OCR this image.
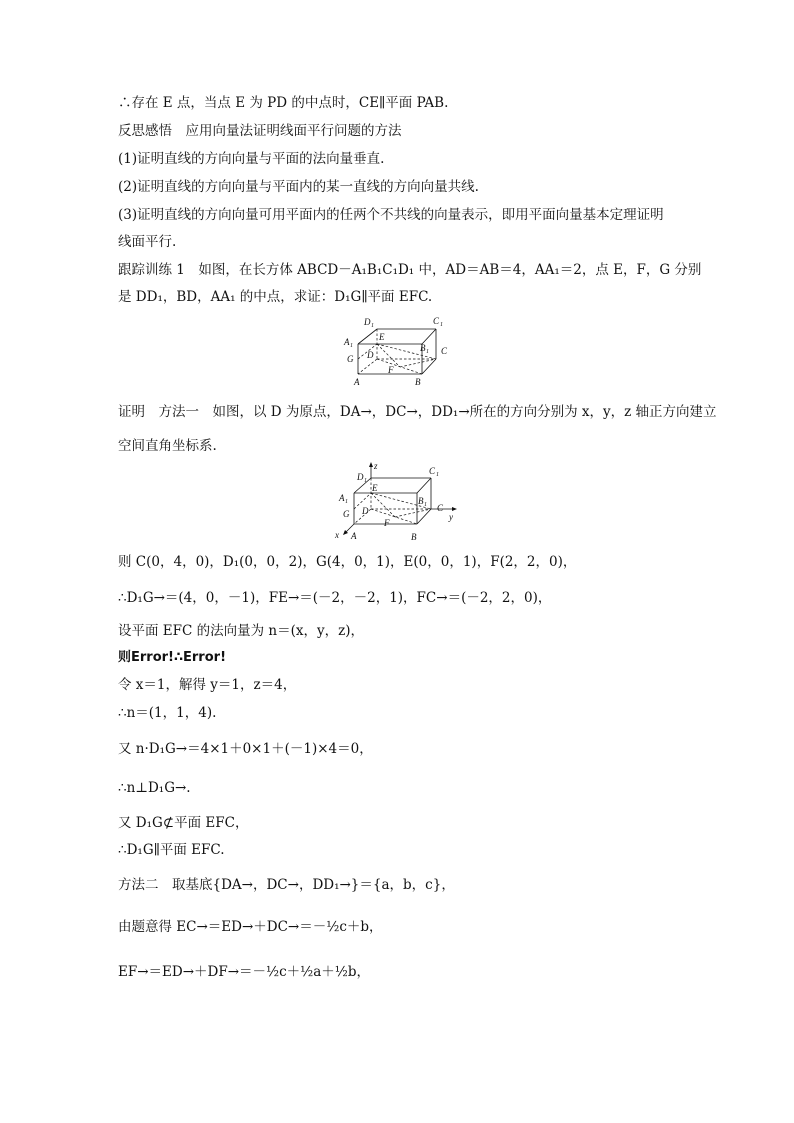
∴存在 E 点，当点 E 为 PD 的中点时，CE∥平面 PAB.
反思感悟　应用向量法证明线面平行问题的方法
(1)证明直线的方向向量与平面的法向量垂直.
(2)证明直线的方向向量与平面内的某一直线的方向向量共线.
(3)证明直线的方向向量可用平面内的任两个不共线的向量表示，即用平面向量基本定理证明
线面平行.
跟踪训练 1　如图，在长方体 ABCD－A₁B₁C₁D₁ 中，AD＝AB＝4，AA₁＝2，点 E，F，G 分别
是 DD₁，BD，AA₁ 的中点，求证：D₁G∥平面 EFC.
D 1	C 1
A 1	B 1
E
G D
F
C
A	B
证明　方法一　如图，以 D 为原点，DA→，DC→，DD₁→所在的方向分别为 x，y，z 轴正方向建立
空间直角坐标系.
z
y
x
D 1
C 1
A 1	B 1
E
G D
F
C
A	B
则 C(0，4，0)，D₁(0，0，2)，G(4，0，1)，E(0，0，1)，F(2，2，0)，
∴D₁G→＝(4，0，－1)，FE→＝(－2，－2，1)，FC→＝(－2，2，0)，
设平面 EFC 的法向量为 n＝(x，y，z)，
则Error!∴Error!
令 x＝1，解得 y＝1，z＝4，
∴n＝(1，1，4).
又 n·D₁G→＝4×1＋0×1＋(－1)×4＝0，
∴n⊥D₁G→.
又 D₁G⊄平面 EFC，
∴D₁G∥平面 EFC.
方法二　取基底{DA→，DC→，DD₁→}＝{a，b，c}，
由题意得 EC→＝ED→＋DC→＝－½c＋b，
EF→＝ED→＋DF→＝－½c＋½a＋½b，
